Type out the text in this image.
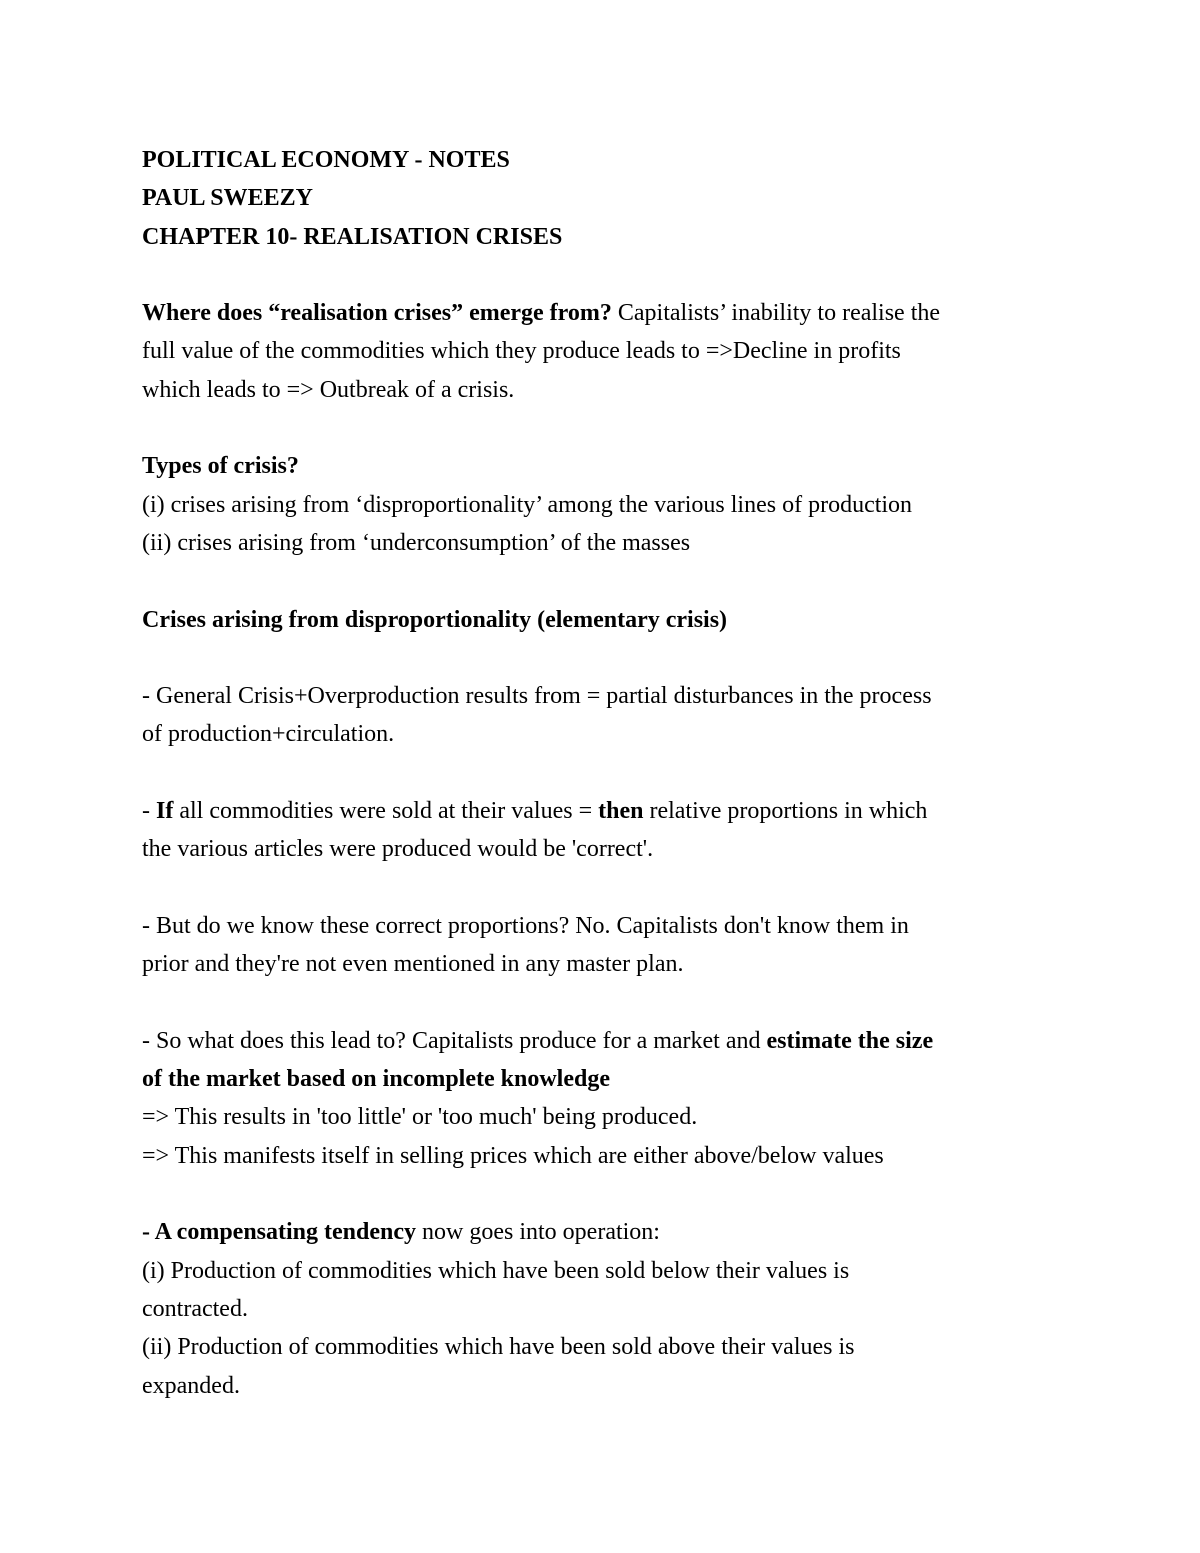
POLITICAL ECONOMY - NOTES
PAUL SWEEZY
CHAPTER 10- REALISATION CRISES
Where does “realisation crises” emerge from? Capitalists’ inability to realise the
full value of the commodities which they produce leads to =>Decline in profits
which leads to => Outbreak of a crisis.
Types of crisis?
(i) crises arising from ‘disproportionality’ among the various lines of production
(ii) crises arising from ‘underconsumption’ of the masses
Crises arising from disproportionality (elementary crisis)
- General Crisis+Overproduction results from = partial disturbances in the process
of production+circulation.
- If all commodities were sold at their values = then relative proportions in which
the various articles were produced would be 'correct'.
- But do we know these correct proportions? No. Capitalists don't know them in
prior and they're not even mentioned in any master plan.
- So what does this lead to? Capitalists produce for a market and estimate the size
of the market based on incomplete knowledge
=> This results in 'too little' or 'too much' being produced.
=> This manifests itself in selling prices which are either above/below values
- A compensating tendency now goes into operation:
(i) Production of commodities which have been sold below their values is
contracted.
(ii) Production of commodities which have been sold above their values is
expanded.
